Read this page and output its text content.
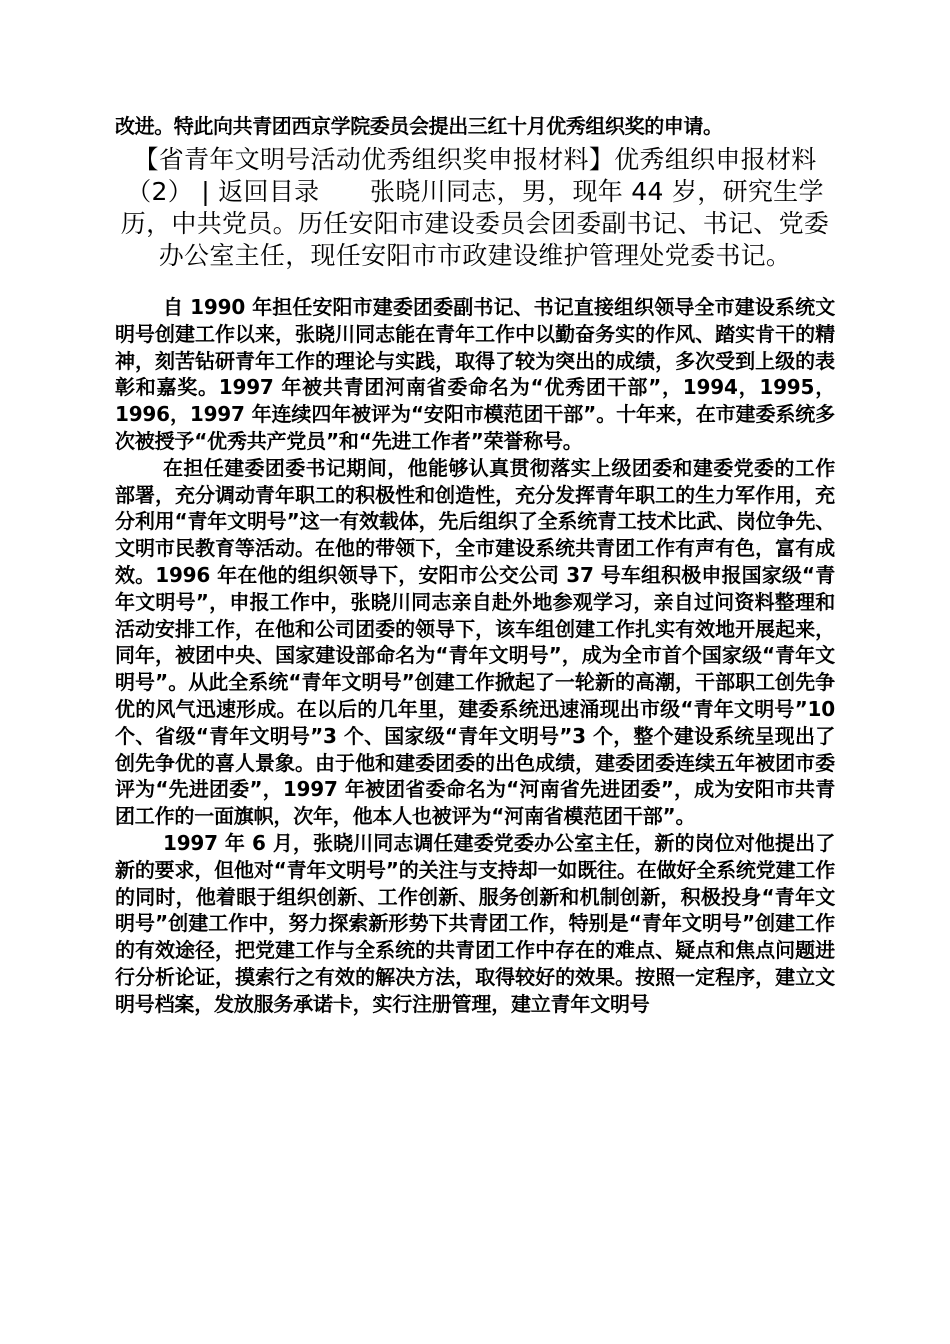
改进。特此向共青团西京学院委员会提出三红十月优秀组织奖的申请。

【省青年文明号活动优秀组织奖申报材料】优秀组织申报材料（2） | 返回目录　　张晓川同志，男，现年 44 岁，研究生学历，中共党员。历任安阳市建设委员会团委副书记、书记、党委办公室主任，现任安阳市市政建设维护管理处党委书记。

自 1990 年担任安阳市建委团委副书记、书记直接组织领导全市建设系统文明号创建工作以来，张晓川同志能在青年工作中以勤奋务实的作风、踏实肯干的精神，刻苦钻研青年工作的理论与实践，取得了较为突出的成绩，多次受到上级的表彰和嘉奖。1997 年被共青团河南省委命名为“优秀团干部”，1994，1995，1996，1997 年连续四年被评为“安阳市模范团干部”。十年来，在市建委系统多次被授予“优秀共产党员”和“先进工作者”荣誉称号。

在担任建委团委书记期间，他能够认真贯彻落实上级团委和建委党委的工作部署，充分调动青年职工的积极性和创造性，充分发挥青年职工的生力军作用，充分利用“青年文明号”这一有效载体，先后组织了全系统青工技术比武、岗位争先、文明市民教育等活动。在他的带领下，全市建设系统共青团工作有声有色，富有成效。1996 年在他的组织领导下，安阳市公交公司 37 号车组积极申报国家级“青年文明号”，申报工作中，张晓川同志亲自赴外地参观学习，亲自过问资料整理和活动安排工作，在他和公司团委的领导下，该车组创建工作扎实有效地开展起来，同年，被团中央、国家建设部命名为“青年文明号”，成为全市首个国家级“青年文明号”。从此全系统“青年文明号”创建工作掀起了一轮新的高潮，干部职工创先争优的风气迅速形成。在以后的几年里，建委系统迅速涌现出市级“青年文明号”10 个、省级“青年文明号”3 个、国家级“青年文明号”3 个，整个建设系统呈现出了创先争优的喜人景象。由于他和建委团委的出色成绩，建委团委连续五年被团市委评为“先进团委”，1997 年被团省委命名为“河南省先进团委”，成为安阳市共青团工作的一面旗帜，次年，他本人也被评为“河南省模范团干部”。

1997 年 6 月，张晓川同志调任建委党委办公室主任，新的岗位对他提出了新的要求，但他对“青年文明号”的关注与支持却一如既往。在做好全系统党建工作的同时，他着眼于组织创新、工作创新、服务创新和机制创新，积极投身“青年文明号”创建工作中，努力探索新形势下共青团工作，特别是“青年文明号”创建工作的有效途径，把党建工作与全系统的共青团工作中存在的难点、疑点和焦点问题进行分析论证，摸索行之有效的解决方法，取得较好的效果。按照一定程序，建立文明号档案，发放服务承诺卡，实行注册管理，建立青年文明号
